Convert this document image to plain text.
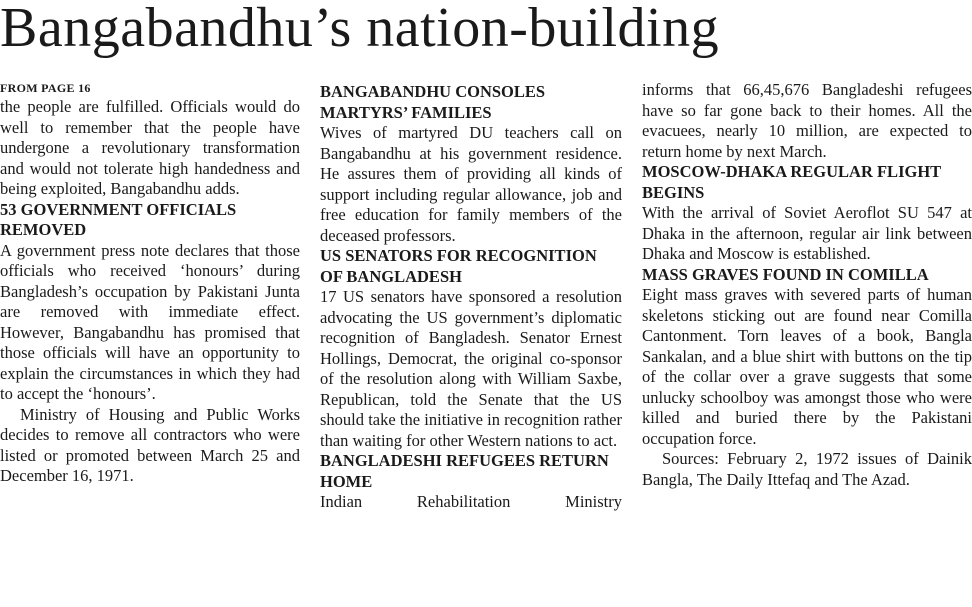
Bangabandhu’s nation-building
FROM PAGE 16

the people are fulfilled. Officials would do well to remember that the people have undergone a revolutionary transformation and would not tolerate high handedness and being exploited, Bangabandhu adds.

53 GOVERNMENT OFFICIALS REMOVED

A government press note declares that those officials who received ‘honours’ during Bangladesh’s occupation by Pakistani Junta are removed with immediate effect. However, Bangabandhu has promised that those officials will have an opportunity to explain the circumstances in which they had to accept the ‘honours’.

Ministry of Housing and Public Works decides to remove all contractors who were listed or promoted between March 25 and December 16, 1971.

BANGABANDHU CONSOLES MARTYRS’ FAMILIES

Wives of martyred DU teachers call on Bangabandhu at his government residence. He assures them of providing all kinds of support including regular allowance, job and free education for family members of the deceased professors.

US SENATORS FOR RECOGNITION OF BANGLADESH

17 US senators have sponsored a resolution advocating the US government’s diplomatic recognition of Bangladesh. Senator Ernest Hollings, Democrat, the original co-sponsor of the resolution along with William Saxbe, Republican, told the Senate that the US should take the initiative in recognition rather than waiting for other Western nations to act.

BANGLADESHI REFUGEES RETURN HOME

Indian Rehabilitation Ministry

informs that 66,45,676 Bangladeshi refugees have so far gone back to their homes. All the evacuees, nearly 10 million, are expected to return home by next March.

MOSCOW-DHAKA REGULAR FLIGHT BEGINS

With the arrival of Soviet Aeroflot SU 547 at Dhaka in the afternoon, regular air link between Dhaka and Moscow is established.

MASS GRAVES FOUND IN COMILLA

Eight mass graves with severed parts of human skeletons sticking out are found near Comilla Cantonment. Torn leaves of a book, Bangla Sankalan, and a blue shirt with buttons on the tip of the collar over a grave suggests that some unlucky schoolboy was amongst those who were killed and buried there by the Pakistani occupation force.

Sources: February 2, 1972 issues of Dainik Bangla, The Daily Ittefaq and The Azad.
